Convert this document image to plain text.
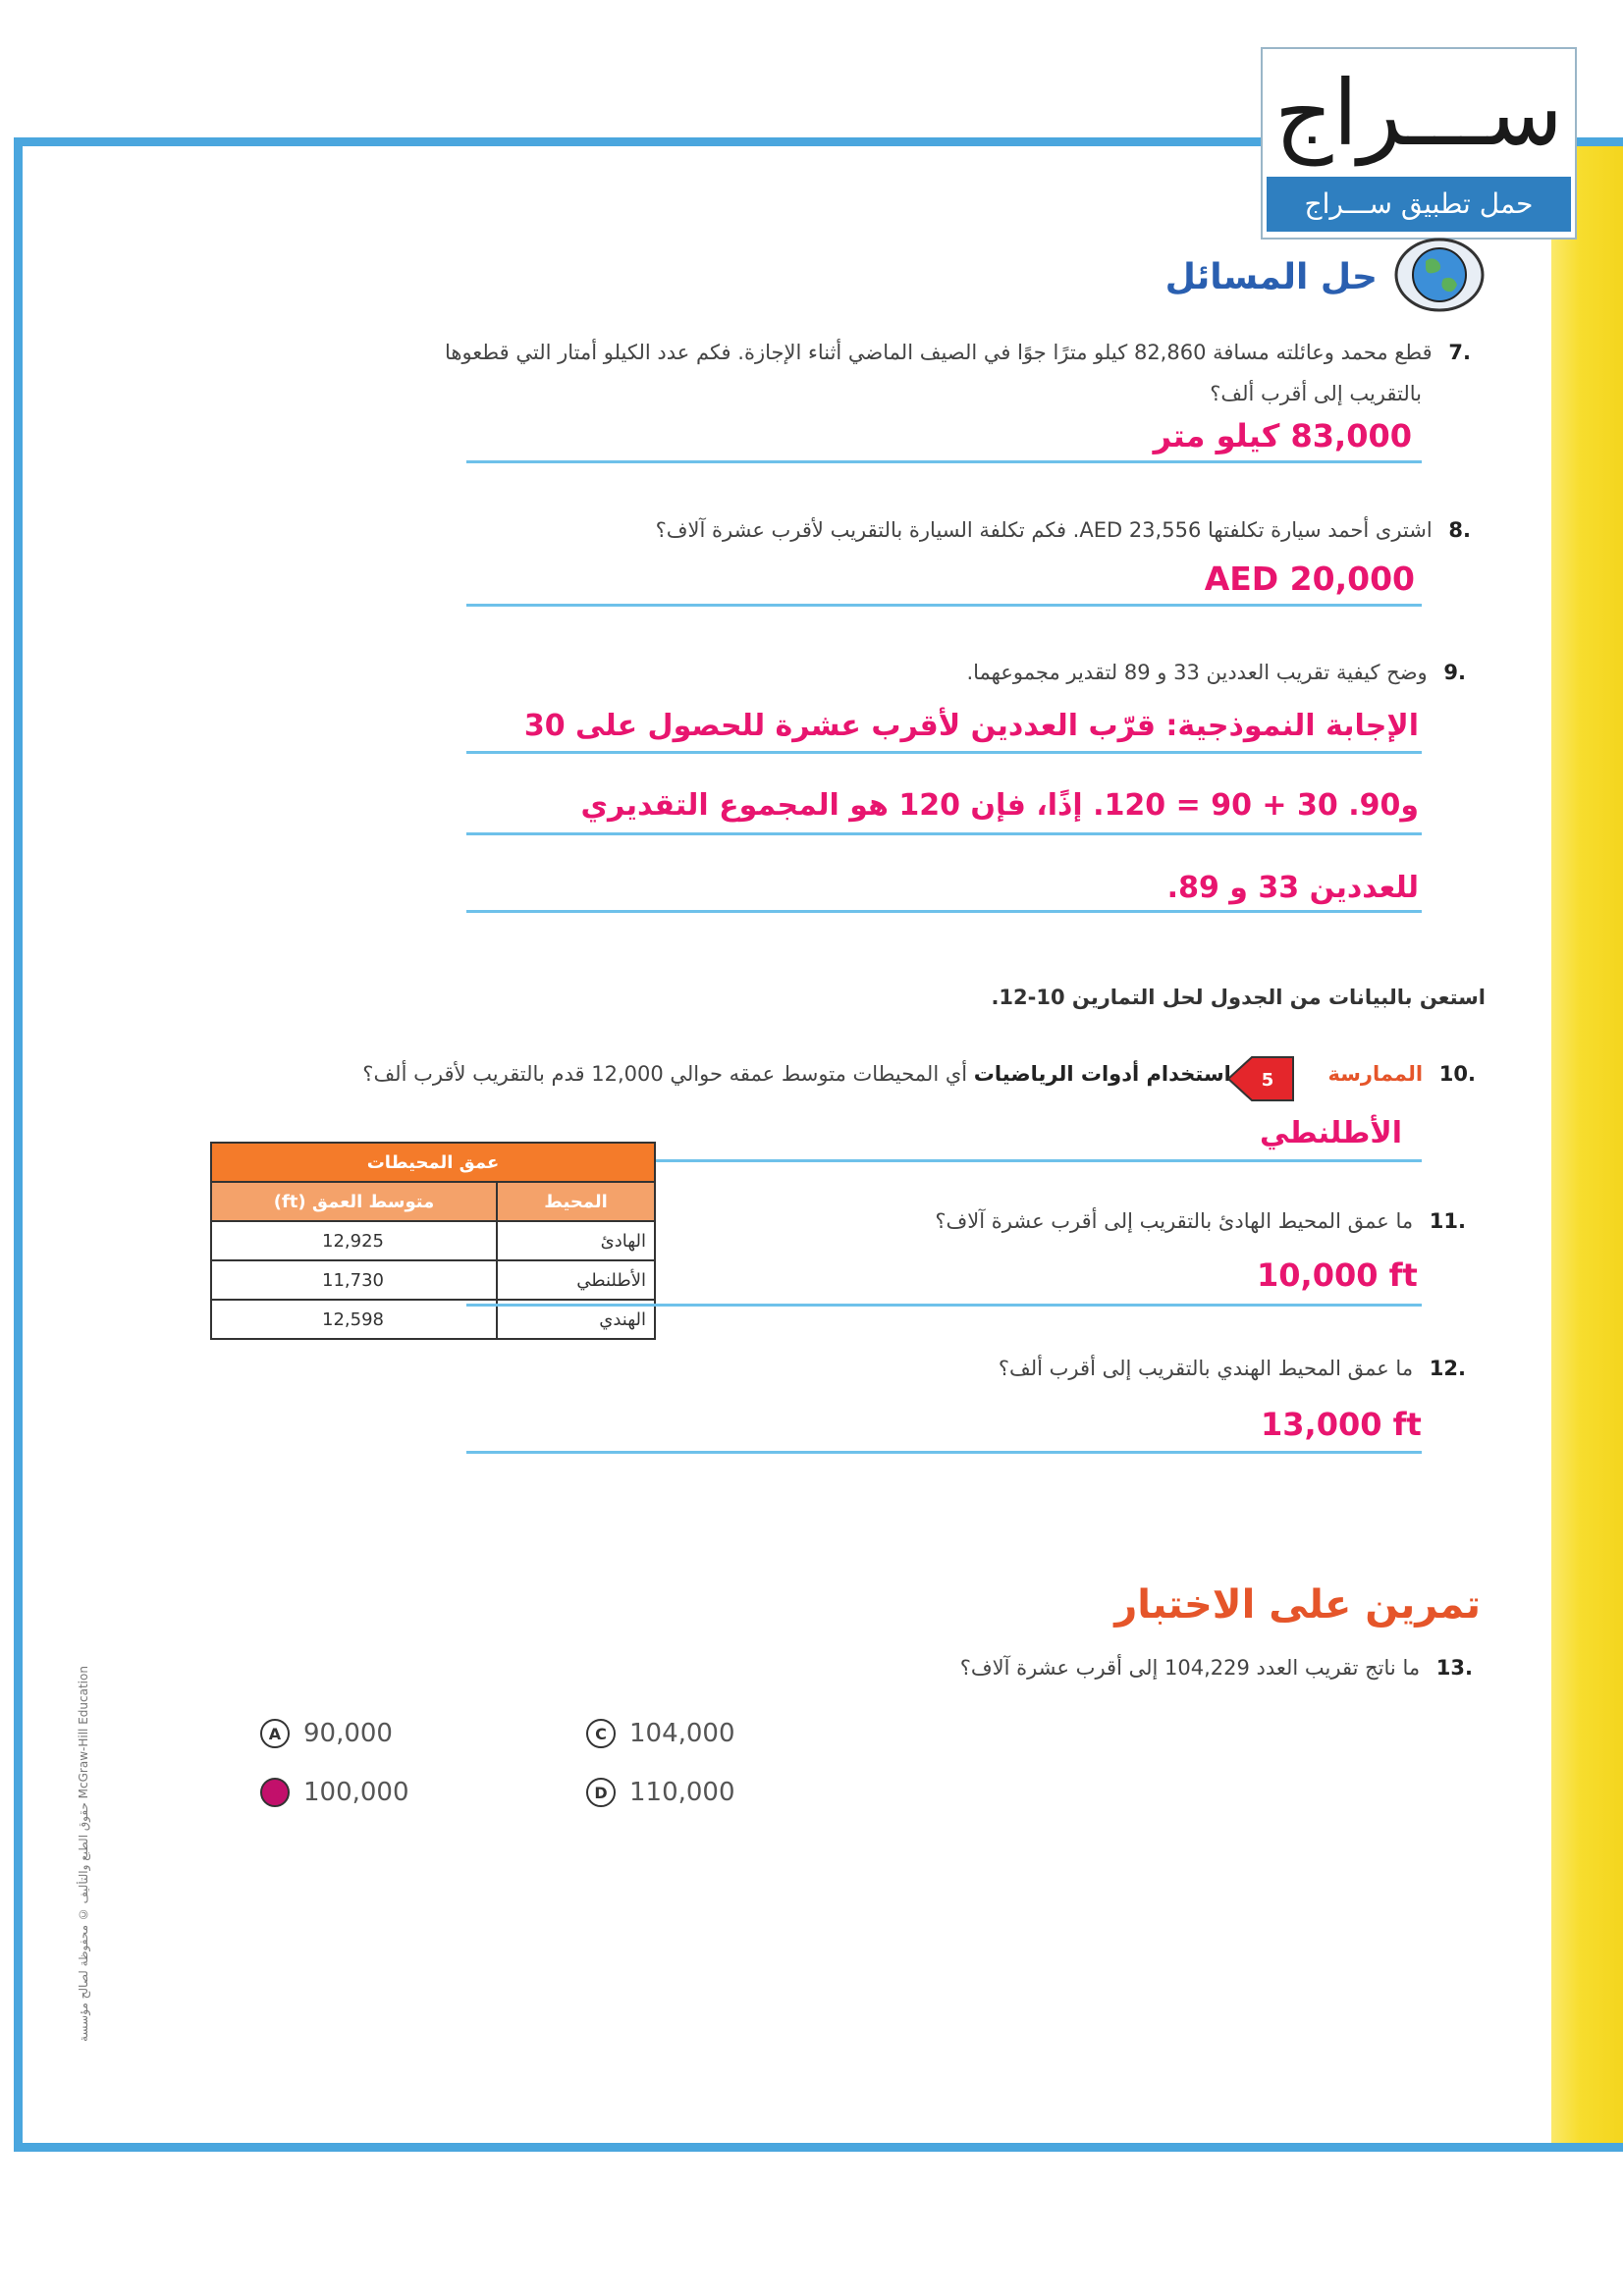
ســـراج
حمل تطبيق ســـراج
حل المسائل
.7 قطع محمد وعائلته مسافة 82,860 كيلو مترًا جوًا في الصيف الماضي أثناء الإجازة. فكم عدد الكيلو أمتار التي قطعوها
بالتقريب إلى أقرب ألف؟
83,000 كيلو متر
.8 اشترى أحمد سيارة تكلفتها AED 23,556. فكم تكلفة السيارة بالتقريب لأقرب عشرة آلاف؟
AED 20,000
.9 وضح كيفية تقريب العددين 33 و 89 لتقدير مجموعهما.
الإجابة النموذجية: قرّب العددين لأقرب عشرة للحصول على 30
و90. 30 + 90 = 120. إذًا، فإن 120 هو المجموع التقديري
للعددين 33 و 89.
استعن بالبيانات من الجدول لحل التمارين 10-12.
.10 الممارسة استخدام أدوات الرياضيات أي المحيطات متوسط عمقه حوالي 12,000 قدم بالتقريب لأقرب ألف؟	5
الأطلنطي
عمق المحيطات	
المحيط	متوسط العمق (ft)
الهادئ	12,925
الأطلنطي	11,730
الهندي	12,598
.11 ما عمق المحيط الهادئ بالتقريب إلى أقرب عشرة آلاف؟
10,000 ft
.12 ما عمق المحيط الهندي بالتقريب إلى أقرب ألف؟
13,000 ft
تمرين على الاختبار
.13 ما ناتج تقريب العدد 104,229 إلى أقرب عشرة آلاف؟
A 90,000	C 104,000
B 100,000	D 110,000
حقوق الطبع والتأليف © محفوظة لصالح مؤسسة McGraw-Hill Education
